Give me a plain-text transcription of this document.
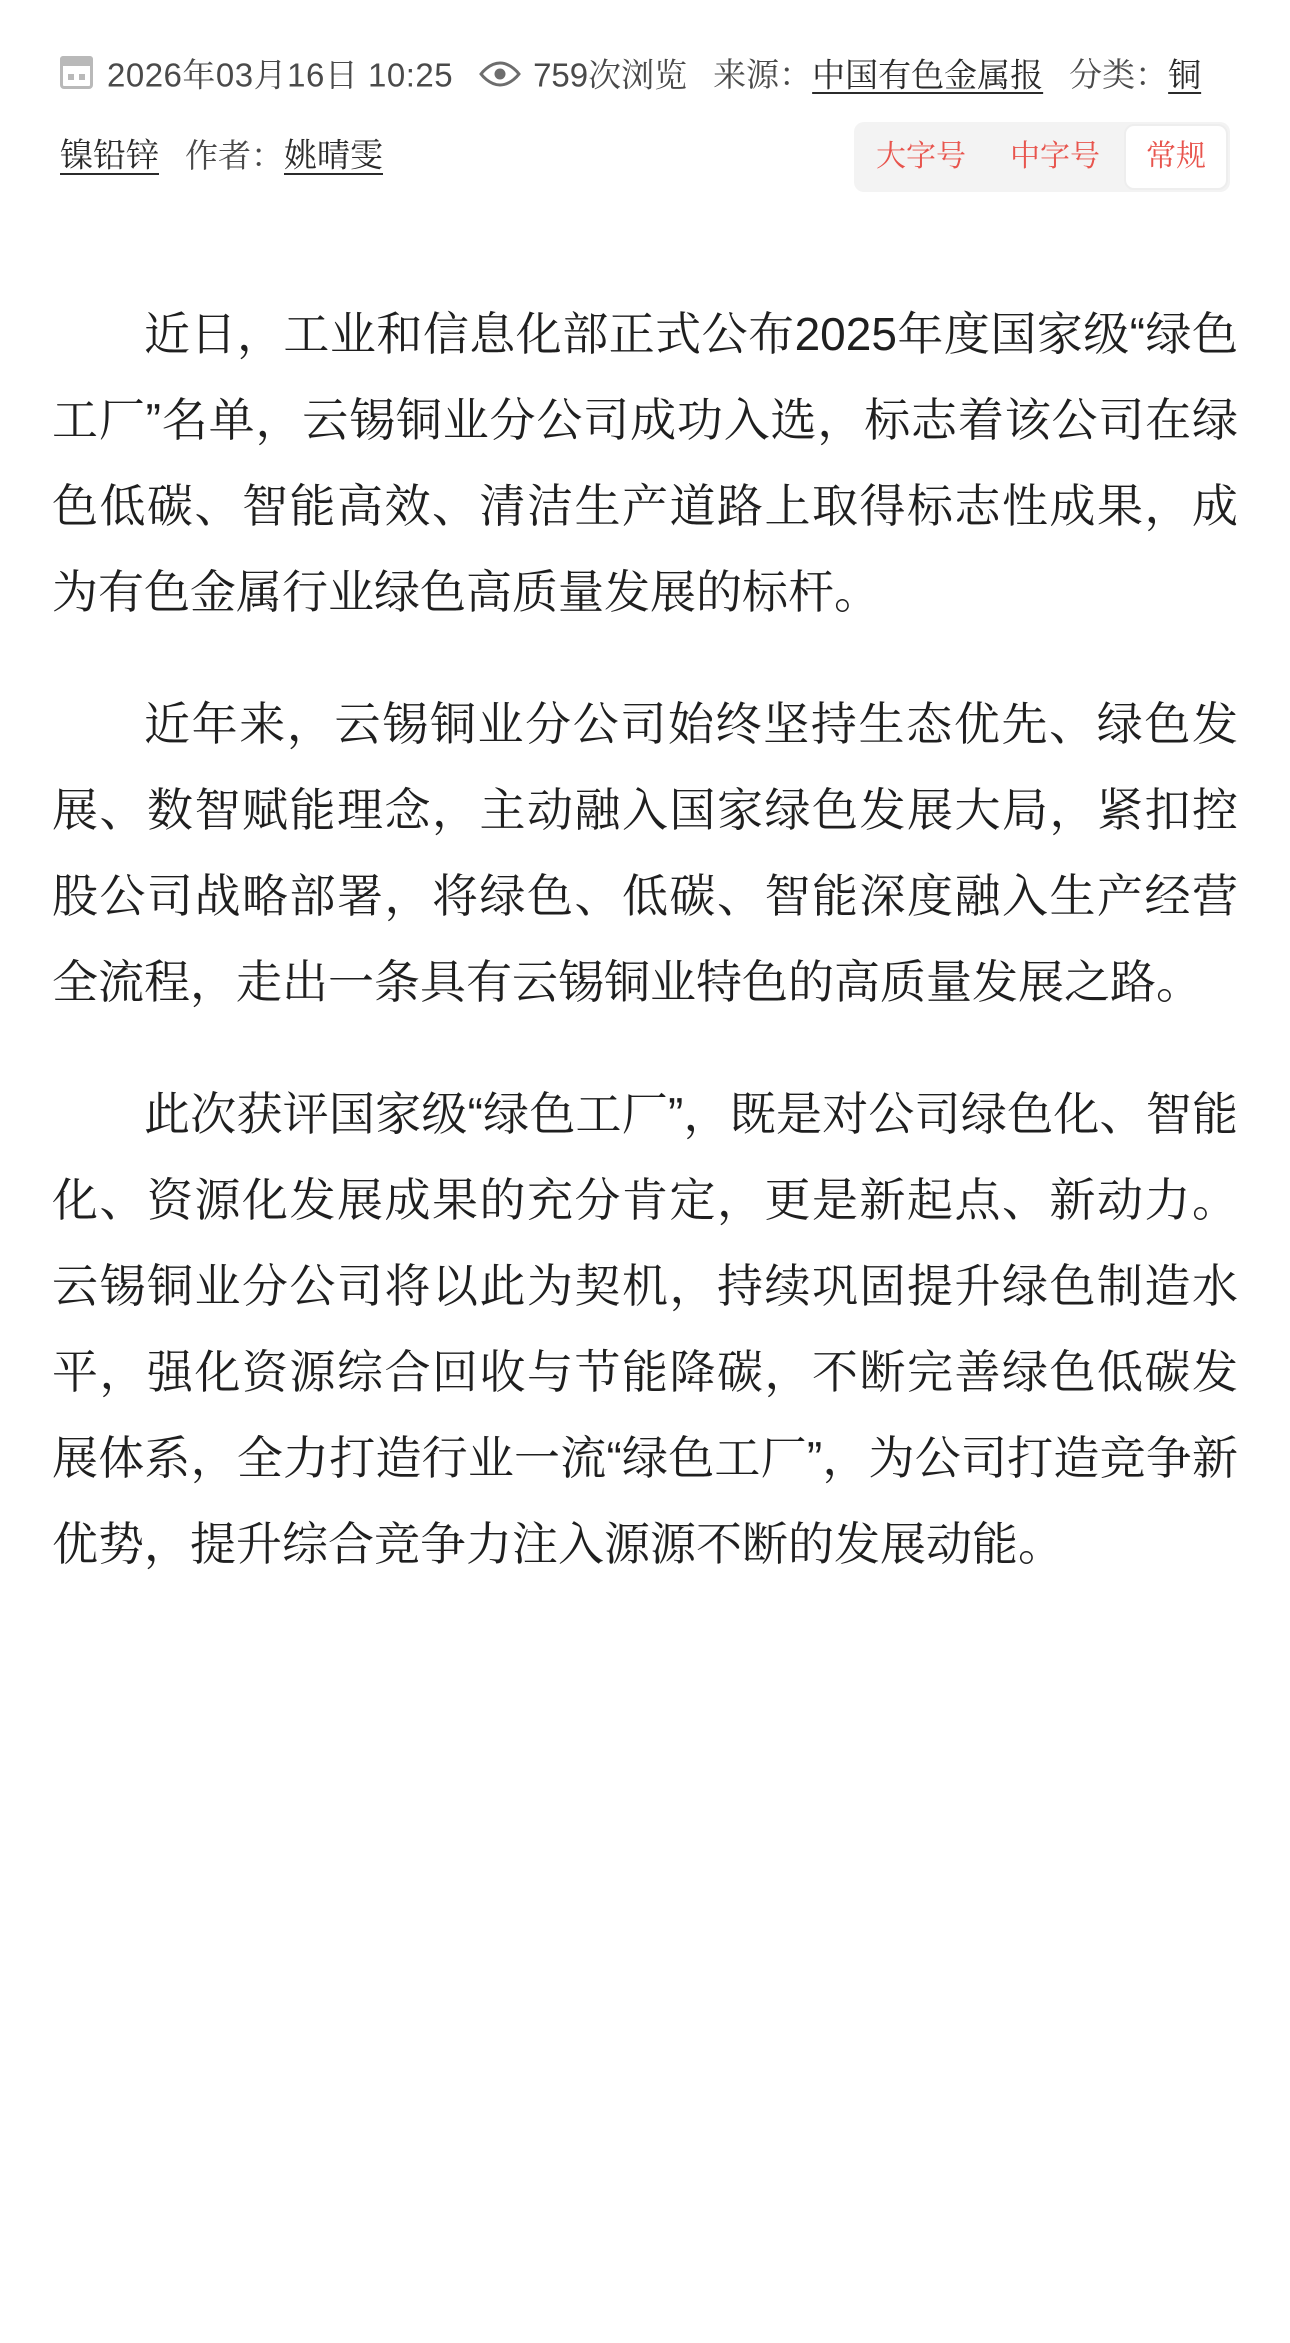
2026年03月16日 10:25 759次浏览 来源：中国有色金属报 分类：铜镍铅锌 作者：姚晴雯	大字号	中字号	常规

近日，工业和信息化部正式公布2025年度国家级“绿色工厂”名单，云锡铜业分公司成功入选，标志着该公司在绿色低碳、智能高效、清洁生产道路上取得标志性成果，成为有色金属行业绿色高质量发展的标杆。

近年来，云锡铜业分公司始终坚持生态优先、绿色发展、数智赋能理念，主动融入国家绿色发展大局，紧扣控股公司战略部署，将绿色、低碳、智能深度融入生产经营全流程，走出一条具有云锡铜业特色的高质量发展之路。

此次获评国家级“绿色工厂”，既是对公司绿色化、智能化、资源化发展成果的充分肯定，更是新起点、新动力。云锡铜业分公司将以此为契机，持续巩固提升绿色制造水平，强化资源综合回收与节能降碳，不断完善绿色低碳发展体系，全力打造行业一流“绿色工厂”，为公司打造竞争新优势，提升综合竞争力注入源源不断的发展动能。
